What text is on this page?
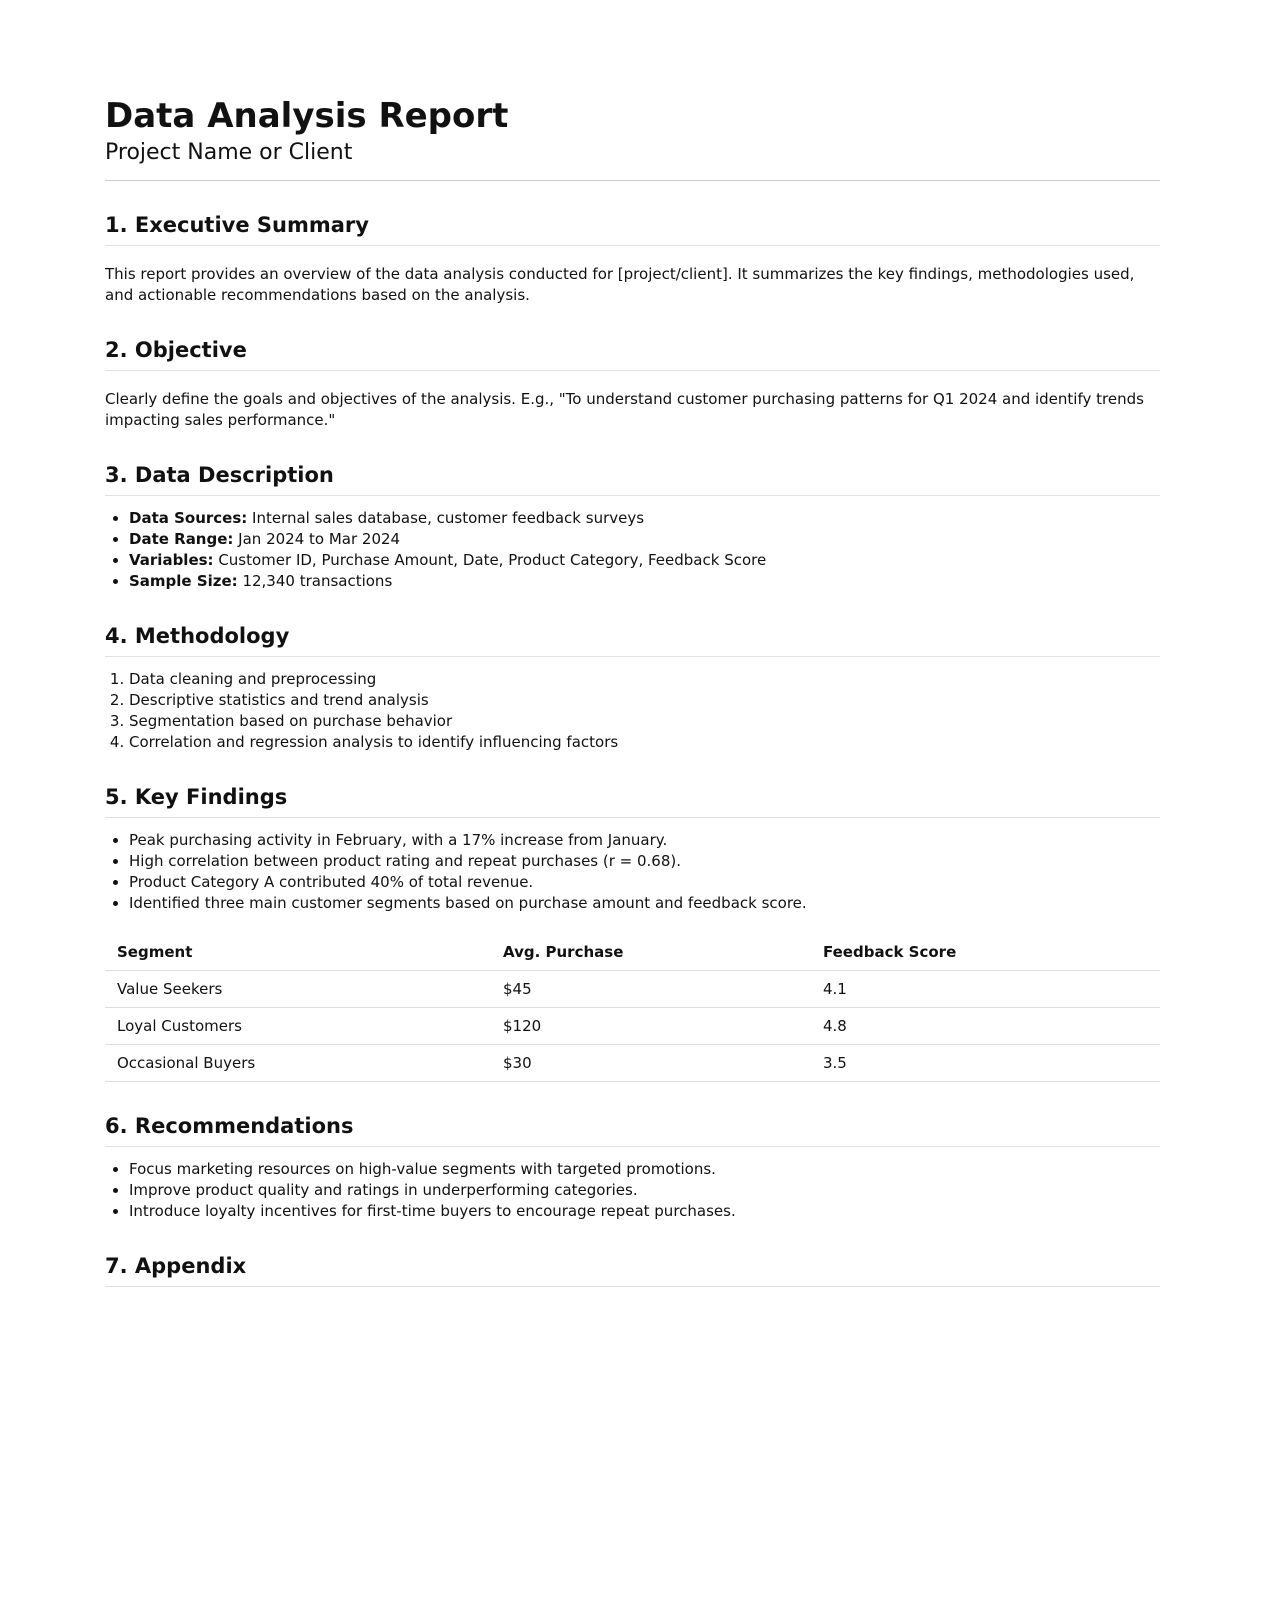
Data Analysis Report
Project Name or Client
1. Executive Summary

This report provides an overview of the data analysis conducted for [project/client]. It summarizes the key findings, methodologies used, and actionable recommendations based on the analysis.

2. Objective

Clearly define the goals and objectives of the analysis. E.g., "To understand customer purchasing patterns for Q1 2024 and identify trends impacting sales performance."

3. Data Description
• Data Sources: Internal sales database, customer feedback surveys
• Date Range: Jan 2024 to Mar 2024
• Variables: Customer ID, Purchase Amount, Date, Product Category, Feedback Score
• Sample Size: 12,340 transactions
4. Methodology
1. Data cleaning and preprocessing
2. Descriptive statistics and trend analysis
3. Segmentation based on purchase behavior
4. Correlation and regression analysis to identify influencing factors
5. Key Findings
• Peak purchasing activity in February, with a 17% increase from January.
• High correlation between product rating and repeat purchases (r = 0.68).
• Product Category A contributed 40% of total revenue.
• Identified three main customer segments based on purchase amount and feedback score.
Segment	Avg. Purchase	Feedback Score
Value Seekers	$45	4.1
Loyal Customers	$120	4.8
Occasional Buyers	$30	3.5
6. Recommendations
• Focus marketing resources on high-value segments with targeted promotions.
• Improve product quality and ratings in underperforming categories.
• Introduce loyalty incentives for first-time buyers to encourage repeat purchases.
7. Appendix
